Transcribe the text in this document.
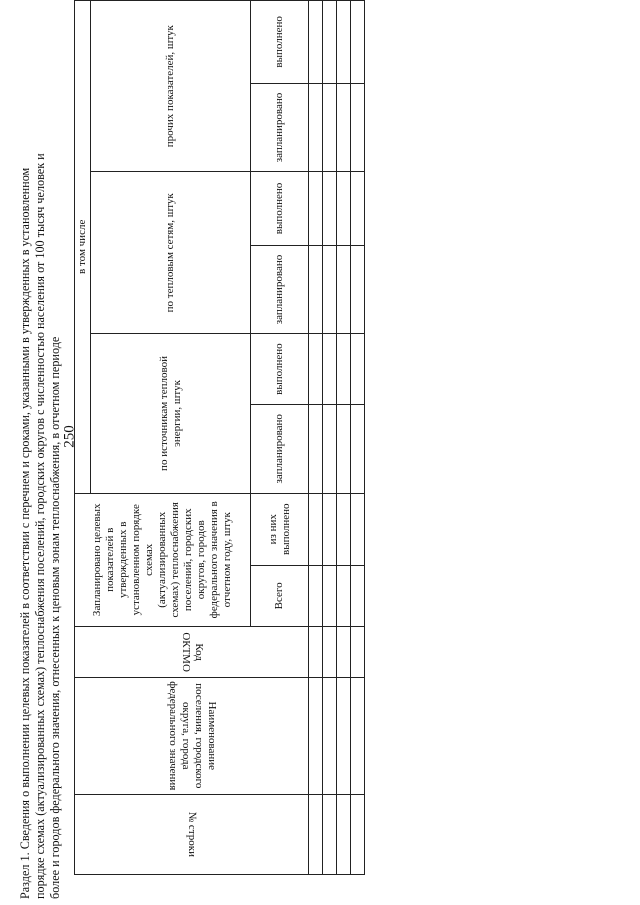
250
Раздел 1. Сведения о выполнении целевых показателей в соответствии с перечнем и сроками, указанными в утвержденных в установленном порядке схемах (актуализированных схемах) теплоснабжения поселений, городских округов с численностью населения от 100 тысяч человек и более и городов федерального значения, отнесенных к ценовым зонам теплоснабжения, в отчетном периоде	№ строки	Наименование поселения, городского округа, города федерального значения	Код ОКТМО	Запланировано целевых показателей в утвержденных в установленном порядке схемах (актуализированных схемах) теплоснабжения поселений, городских округов, городов федерального значения в отчетном году, штук		в том числе					
					по источникам тепловой энергии, штук		по тепловым сетям, штук		прочих показателей, штук	
			Всего	из них выполнено	запланировано	выполнено	запланировано	выполнено	запланировано	выполнено
